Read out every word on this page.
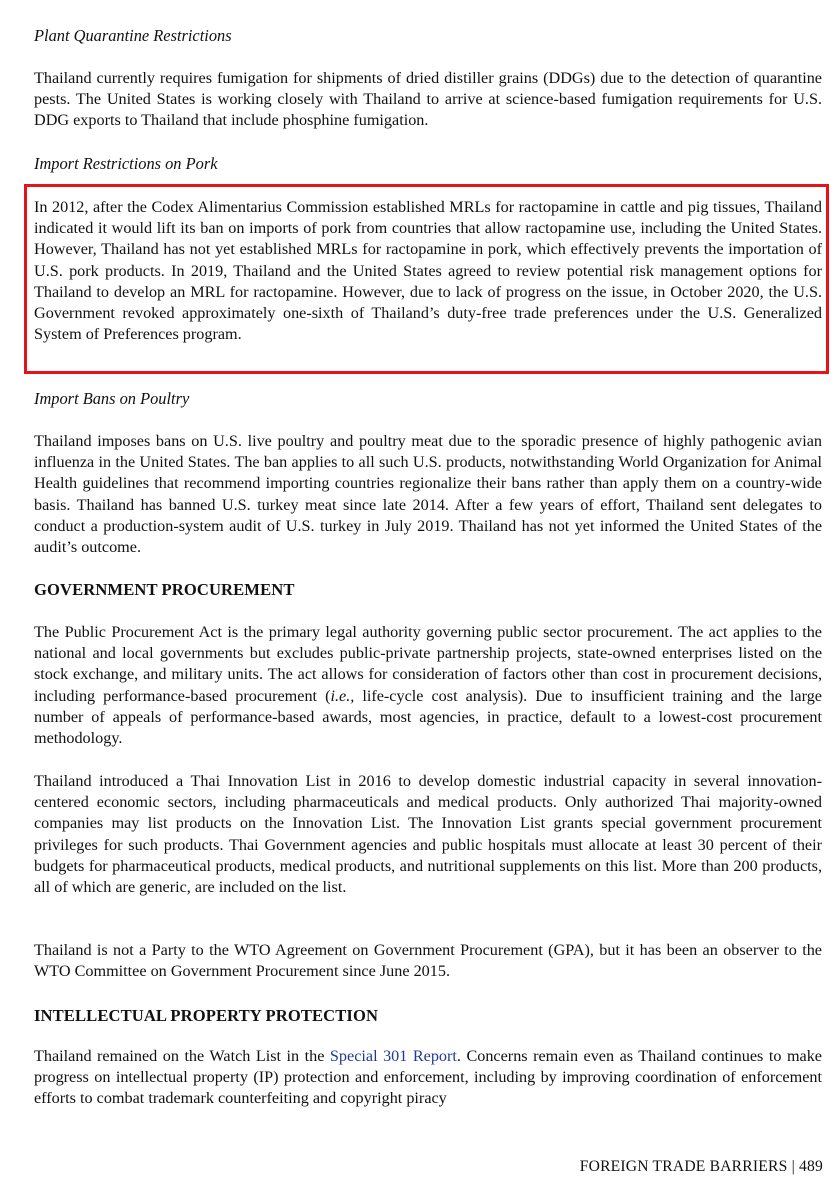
Plant Quarantine Restrictions

Thailand currently requires fumigation for shipments of dried distiller grains (DDGs) due to the detection of quarantine pests. The United States is working closely with Thailand to arrive at science-based fumigation requirements for U.S. DDG exports to Thailand that include phosphine fumigation.

Import Restrictions on Pork

In 2012, after the Codex Alimentarius Commission established MRLs for ractopamine in cattle and pig tissues, Thailand indicated it would lift its ban on imports of pork from countries that allow ractopamine use, including the United States. However, Thailand has not yet established MRLs for ractopamine in pork, which effectively prevents the importation of U.S. pork products. In 2019, Thailand and the United States agreed to review potential risk management options for Thailand to develop an MRL for ractopamine. However, due to lack of progress on the issue, in October 2020, the U.S. Government revoked approximately one-sixth of Thailand’s duty-free trade preferences under the U.S. Generalized System of Preferences program.

Import Bans on Poultry

Thailand imposes bans on U.S. live poultry and poultry meat due to the sporadic presence of highly pathogenic avian influenza in the United States. The ban applies to all such U.S. products, notwithstanding World Organization for Animal Health guidelines that recommend importing countries regionalize their bans rather than apply them on a country-wide basis. Thailand has banned U.S. turkey meat since late 2014. After a few years of effort, Thailand sent delegates to conduct a production-system audit of U.S. turkey in July 2019. Thailand has not yet informed the United States of the audit’s outcome.

GOVERNMENT PROCUREMENT

The Public Procurement Act is the primary legal authority governing public sector procurement. The act applies to the national and local governments but excludes public-private partnership projects, state-owned enterprises listed on the stock exchange, and military units. The act allows for consideration of factors other than cost in procurement decisions, including performance-based procurement (i.e., life-cycle cost analysis). Due to insufficient training and the large number of appeals of performance-based awards, most agencies, in practice, default to a lowest-cost procurement methodology.

Thailand introduced a Thai Innovation List in 2016 to develop domestic industrial capacity in several innovation-centered economic sectors, including pharmaceuticals and medical products. Only authorized Thai majority-owned companies may list products on the Innovation List. The Innovation List grants special government procurement privileges for such products. Thai Government agencies and public hospitals must allocate at least 30 percent of their budgets for pharmaceutical products, medical products, and nutritional supplements on this list. More than 200 products, all of which are generic, are included on the list.

Thailand is not a Party to the WTO Agreement on Government Procurement (GPA), but it has been an observer to the WTO Committee on Government Procurement since June 2015.

INTELLECTUAL PROPERTY PROTECTION

Thailand remained on the Watch List in the Special 301 Report. Concerns remain even as Thailand continues to make progress on intellectual property (IP) protection and enforcement, including by improving coordination of enforcement efforts to combat trademark counterfeiting and copyright piracy

FOREIGN TRADE BARRIERS | 489
